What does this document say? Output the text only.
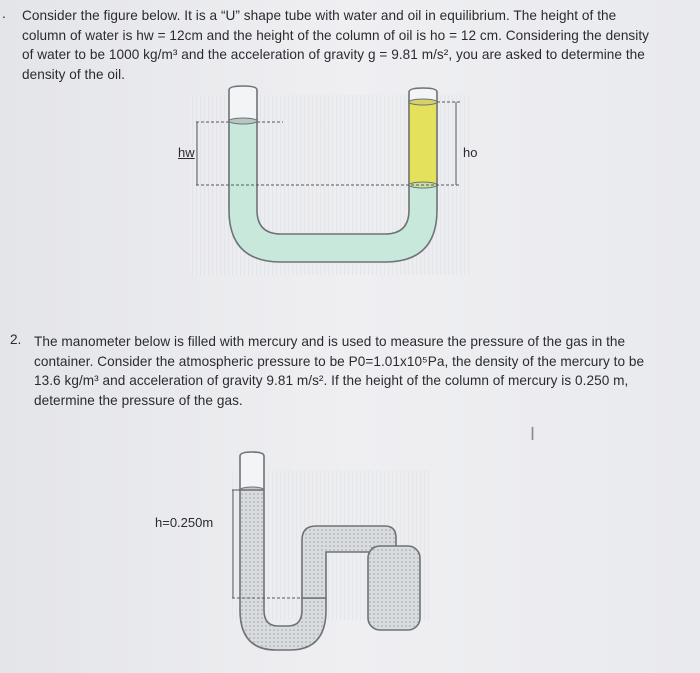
. Consider the figure below. It is a “U” shape tube with water and oil in equilibrium. The height of the column of water is hw = 12cm and the height of the column of oil is ho = 12 cm. Considering the density of water to be 1000 kg/m³ and the acceleration of gravity g = 9.81 m/s², you are asked to determine the density of the oil.
hw	ho
2. The manometer below is filled with mercury and is used to measure the pressure of the gas in the container. Consider the atmospheric pressure to be P0=1.01x10⁵Pa, the density of the mercury to be 13.6 kg/m³ and acceleration of gravity 9.81 m/s². If the height of the column of mercury is 0.250 m, determine the pressure of the gas.
h=0.250m
I
